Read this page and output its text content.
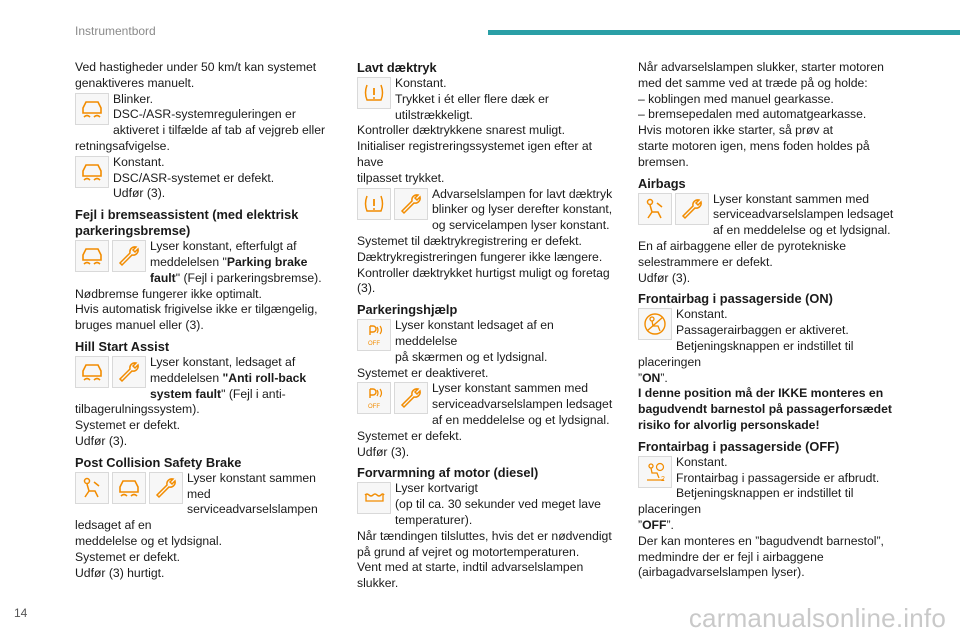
Instrumentbord

Ved hastigheder under 50 km/t kan systemet

genaktiveres manuelt.

Blinker.

DSC-/ASR-systemreguleringen er

aktiveret i tilfælde af tab af vejgreb eller

retningsafvigelse.

Konstant.

DSC/ASR-systemet er defekt.

Udfør (3).

Fejl i bremseassistent (med elektrisk parkeringsbremse)

Lyser konstant, efterfulgt af

meddelelsen "Parking brake

fault" (Fejl i parkeringsbremse).

Nødbremse fungerer ikke optimalt.

Hvis automatisk frigivelse ikke er tilgængelig,

bruges manuel eller (3).

Hill Start Assist

Lyser konstant, ledsaget af

meddelelsen "Anti roll-back

system fault" (Fejl i anti-tilbagerulningssystem).

Systemet er defekt.

Udfør (3).

Post Collision Safety Brake

Lyser konstant sammen

med

serviceadvarselslampen ledsaget af en

meddelelse og et lydsignal.

Systemet er defekt.

Udfør (3) hurtigt.

Lavt dæktryk

Konstant.

Trykket i ét eller flere dæk er

utilstrækkeligt.

Kontroller dæktrykkene snarest muligt.

Initialiser registreringssystemet igen efter at have

tilpasset trykket.

Advarselslampen for lavt dæktryk

blinker og lyser derefter konstant,

og servicelampen lyser konstant.

Systemet til dæktrykregistrering er defekt.

Dæktrykregistreringen fungerer ikke længere.

Kontroller dæktrykket hurtigst muligt og foretag

(3).

Parkeringshjælp

OFF

Lyser konstant ledsaget af en meddelelse

på skærmen og et lydsignal.

Systemet er deaktiveret.

OFF

Lyser konstant sammen med

serviceadvarselslampen ledsaget

af en meddelelse og et lydsignal.

Systemet er defekt.

Udfør (3).

Forvarmning af motor (diesel)

Lyser kortvarigt

(op til ca. 30 sekunder ved meget lave

temperaturer).

Når tændingen tilsluttes, hvis det er nødvendigt

på grund af vejret og motortemperaturen.

Vent med at starte, indtil advarselslampen

slukker.

Når advarselslampen slukker, starter motoren

med det samme ved at træde på og holde:

– koblingen med manuel gearkasse.

– bremsepedalen med automatgearkasse.

Hvis motoren ikke starter, så prøv at

starte motoren igen, mens foden holdes på

bremsen.

Airbags

Lyser konstant sammen med

serviceadvarselslampen ledsaget

af en meddelelse og et lydsignal.

En af airbaggene eller de pyrotekniske

selestrammere er defekt.

Udfør (3).

Frontairbag i passagerside (ON)

Konstant.

Passagerairbaggen er aktiveret.

Betjeningsknappen er indstillet til placeringen

”ON”.

I denne position må der IKKE monteres en

bagudvendt barnestol på passagerforsædet

risiko for alvorlig personskade!

Frontairbag i passagerside (OFF)

2

Konstant.

Frontairbag i passagerside er afbrudt.

Betjeningsknappen er indstillet til placeringen

”OFF”.

Der kan monteres en ”bagudvendt barnestol”,

medmindre der er fejl i airbaggene

(airbagadvarselslampen lyser).

14	carmanualsonline.info
